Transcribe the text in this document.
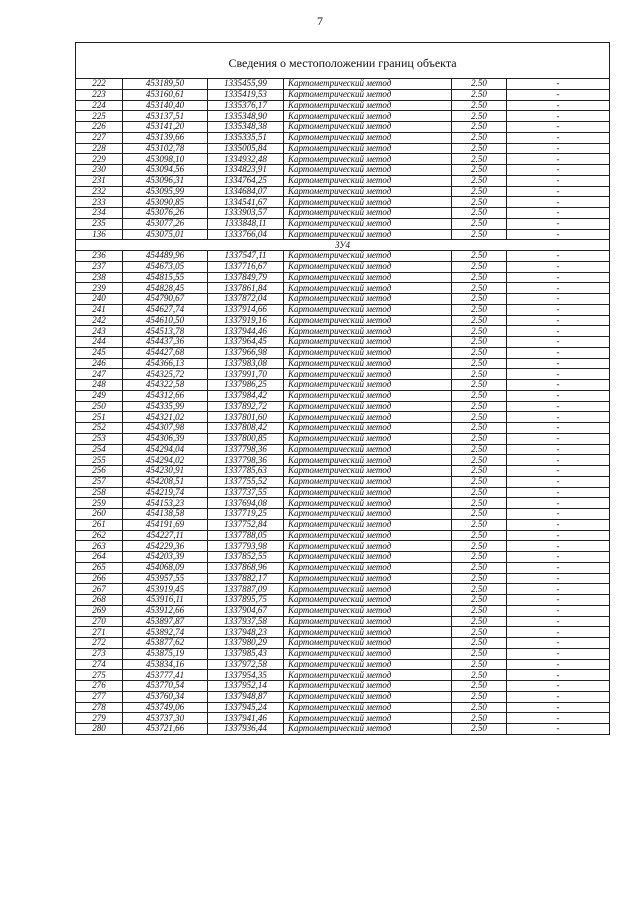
7
Сведения о местоположении границ объекта					
222	453189,50	1335455,99	Картометрический метод	2.50	-
223	453160,61	1335419,53	Картометрический метод	2.50	-
224	453140,40	1335376,17	Картометрический метод	2.50	-
225	453137,51	1335348,90	Картометрический метод	2.50	-
226	453141,20	1335348,38	Картометрический метод	2.50	-
227	453139,66	1335335,51	Картометрический метод	2.50	-
228	453102,78	1335005,84	Картометрический метод	2.50	-
229	453098,10	1334932,48	Картометрический метод	2.50	-
230	453094,56	1334823,91	Картометрический метод	2.50	-
231	453096,31	1334764,25	Картометрический метод	2.50	-
232	453095,99	1334684,07	Картометрический метод	2.50	-
233	453090,85	1334541,67	Картометрический метод	2.50	-
234	453076,26	1333903,57	Картометрический метод	2.50	-
235	453077,26	1333848,11	Картометрический метод	2.50	-
136	453075,01	1333766,04	Картометрический метод	2.50	-
ЗУ4					
236	454489,96	1337547,11	Картометрический метод	2.50	-
237	454673,05	1337716,67	Картометрический метод	2.50	-
238	454815,55	1337849,79	Картометрический метод	2.50	-
239	454828,45	1337861,84	Картометрический метод	2.50	-
240	454790,67	1337872,04	Картометрический метод	2.50	-
241	454627,74	1337914,66	Картометрический метод	2.50	-
242	454610,50	1337919,16	Картометрический метод	2.50	-
243	454513,78	1337944,46	Картометрический метод	2.50	-
244	454437,36	1337964,45	Картометрический метод	2.50	-
245	454427,68	1337966,98	Картометрический метод	2.50	-
246	454366,13	1337983,08	Картометрический метод	2.50	-
247	454325,72	1337991,70	Картометрический метод	2.50	-
248	454322,58	1337986,25	Картометрический метод	2.50	-
249	454312,66	1337984,42	Картометрический метод	2.50	-
250	454335,99	1337892,72	Картометрический метод	2.50	-
251	454321,02	1337801,60	Картометрический метод	2.50	-
252	454307,98	1337808,42	Картометрический метод	2.50	-
253	454306,39	1337800,85	Картометрический метод	2.50	-
254	454294,04	1337798,36	Картометрический метод	2.50	-
255	454294,02	1337798,36	Картометрический метод	2.50	-
256	454230,91	1337785,63	Картометрический метод	2.50	-
257	454208,51	1337755,52	Картометрический метод	2.50	-
258	454219,74	1337737,55	Картометрический метод	2.50	-
259	454153,23	1337694,08	Картометрический метод	2.50	-
260	454138,58	1337719,25	Картометрический метод	2.50	-
261	454191,69	1337752,84	Картометрический метод	2.50	-
262	454227,11	1337788,05	Картометрический метод	2.50	-
263	454229,36	1337793,98	Картометрический метод	2.50	-
264	454203,39	1337852,55	Картометрический метод	2.50	-
265	454068,09	1337868,96	Картометрический метод	2.50	-
266	453957,55	1337882,17	Картометрический метод	2.50	-
267	453919,45	1337887,09	Картометрический метод	2.50	-
268	453916,11	1337895,75	Картометрический метод	2.50	-
269	453912,66	1337904,67	Картометрический метод	2.50	-
270	453897,87	1337937,58	Картометрический метод	2.50	-
271	453892,74	1337948,23	Картометрический метод	2.50	-
272	453877,62	1337980,29	Картометрический метод	2.50	-
273	453875,19	1337985,43	Картометрический метод	2.50	-
274	453834,16	1337972,58	Картометрический метод	2.50	-
275	453777,41	1337954,35	Картометрический метод	2.50	-
276	453770,54	1337952,14	Картометрический метод	2.50	-
277	453760,34	1337948,87	Картометрический метод	2.50	-
278	453749,06	1337945,24	Картометрический метод	2.50	-
279	453737,30	1337941,46	Картометрический метод	2.50	-
280	453721,66	1337936,44	Картометрический метод	2.50	-
